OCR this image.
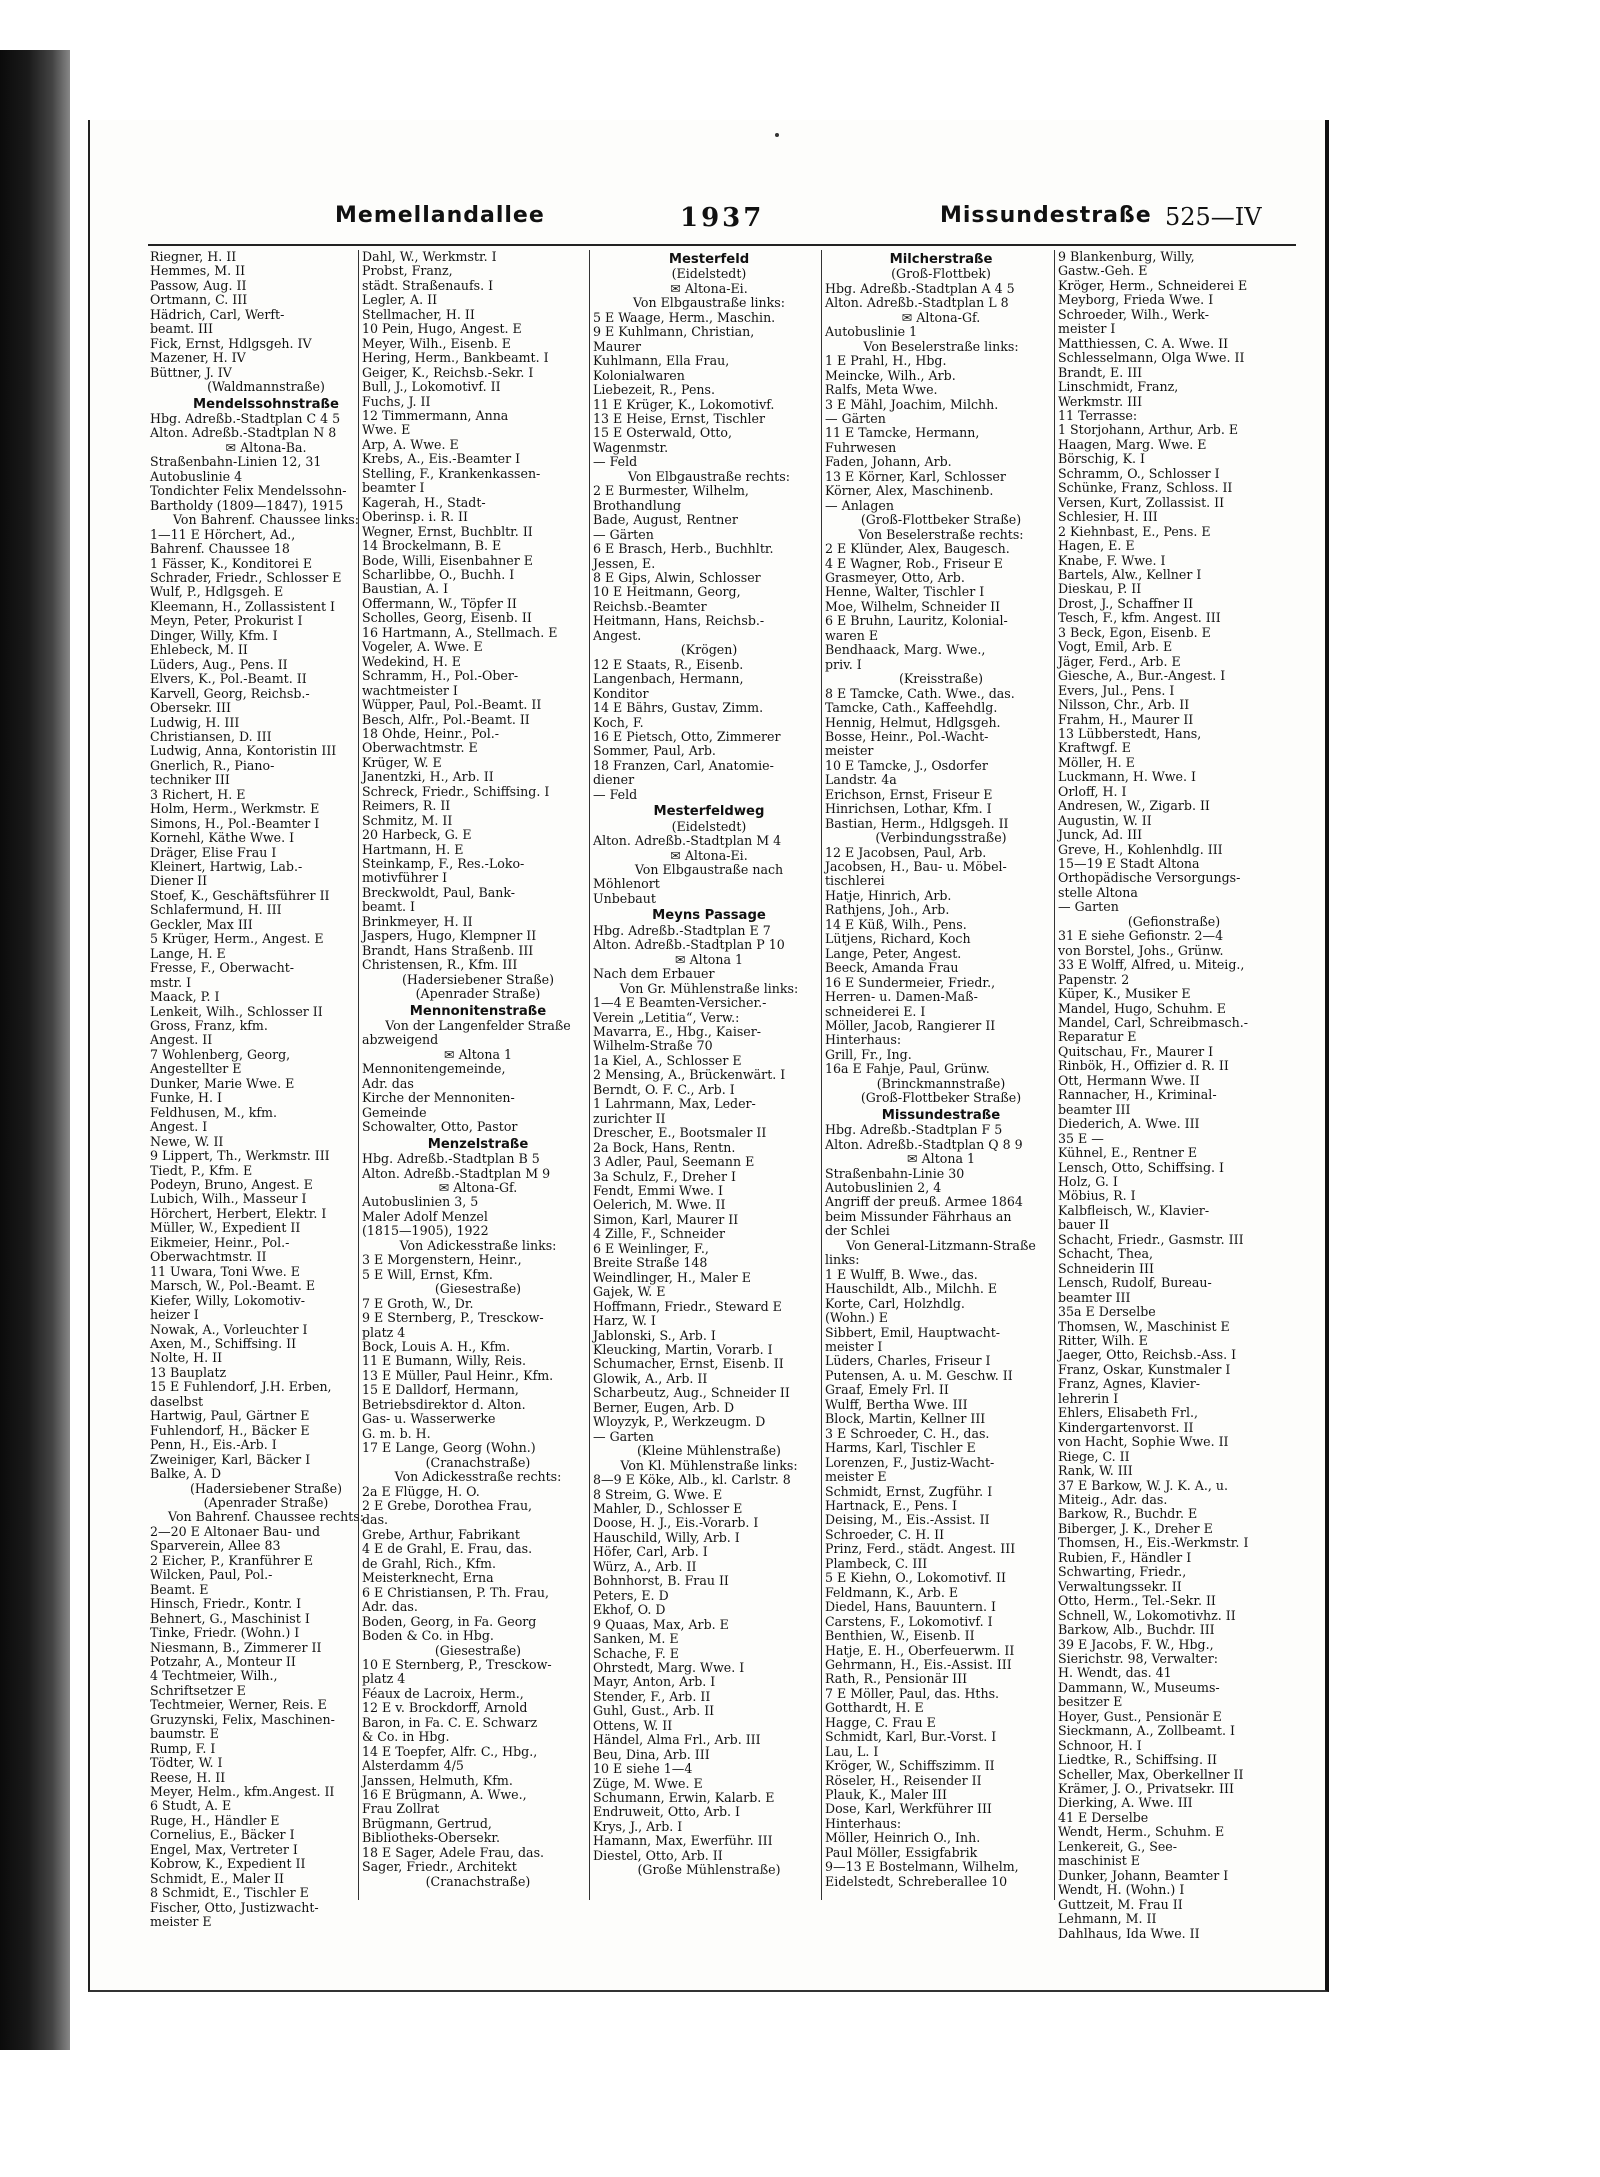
Memellandallee	1937	Missundestraße 525—IV

Riegner, H. II

Hemmes, M. II

Passow, Aug. II

Ortmann, C. III

Hädrich, Carl, Werft-

beamt. III

Fick, Ernst, Hdlgsgeh. IV

Mazener, H. IV

Büttner, J. IV

(Waldmannstraße)

Mendelssohnstraße

Hbg. Adreßb.-Stadtplan C 4 5

Alton. Adreßb.-Stadtplan N 8

✉ Altona-Ba.

Straßenbahn-Linien 12, 31

Autobuslinie 4

Tondichter Felix Mendelssohn-

Bartholdy (1809—1847), 1915

Von Bahrenf. Chaussee links:

1—11 E Hörchert, Ad.,

Bahrenf. Chaussee 18

1 Fässer, K., Konditorei E

Schrader, Friedr., Schlosser E

Wulf, P., Hdlgsgeh. E

Kleemann, H., Zollassistent I

Meyn, Peter, Prokurist I

Dinger, Willy, Kfm. I

Ehlebeck, M. II

Lüders, Aug., Pens. II

Elvers, K., Pol.-Beamt. II

Karvell, Georg, Reichsb.-

Obersekr. III

Ludwig, H. III

Christiansen, D. III

Ludwig, Anna, Kontoristin III

Gnerlich, R., Piano-

techniker III

3 Richert, H. E

Holm, Herm., Werkmstr. E

Simons, H., Pol.-Beamter I

Kornehl, Käthe Wwe. I

Dräger, Elise Frau I

Kleinert, Hartwig, Lab.-

Diener II

Stoef, K., Geschäftsführer II

Schlafermund, H. III

Geckler, Max III

5 Krüger, Herm., Angest. E

Lange, H. E

Fresse, F., Oberwacht-

mstr. I

Maack, P. I

Lenkeit, Wilh., Schlosser II

Gross, Franz, kfm.

Angest. II

7 Wohlenberg, Georg,

Angestellter E

Dunker, Marie Wwe. E

Funke, H. I

Feldhusen, M., kfm.

Angest. I

Newe, W. II

9 Lippert, Th., Werkmstr. III

Tiedt, P., Kfm. E

Podeyn, Bruno, Angest. E

Lubich, Wilh., Masseur I

Hörchert, Herbert, Elektr. I

Müller, W., Expedient II

Eikmeier, Heinr., Pol.-

Oberwachtmstr. II

11 Uwara, Toni Wwe. E

Marsch, W., Pol.-Beamt. E

Kiefer, Willy, Lokomotiv-

heizer I

Nowak, A., Vorleuchter I

Axen, M., Schiffsing. II

Nolte, H. II

13 Bauplatz

15 E Fuhlendorf, J.H. Erben,

daselbst

Hartwig, Paul, Gärtner E

Fuhlendorf, H., Bäcker E

Penn, H., Eis.-Arb. I

Zweiniger, Karl, Bäcker I

Balke, A. D

(Hadersiebener Straße)

(Apenrader Straße)

Von Bahrenf. Chaussee rechts:

2—20 E Altonaer Bau- und

Sparverein, Allee 83

2 Eicher, P., Kranführer E

Wilcken, Paul, Pol.-

Beamt. E

Hinsch, Friedr., Kontr. I

Behnert, G., Maschinist I

Tinke, Friedr. (Wohn.) I

Niesmann, B., Zimmerer II

Potzahr, A., Monteur II

4 Techtmeier, Wilh.,

Schriftsetzer E

Techtmeier, Werner, Reis. E

Gruzynski, Felix, Maschinen-

baumstr. E

Rump, F. I

Tödter, W. I

Reese, H. II

Meyer, Helm., kfm.Angest. II

6 Studt, A. E

Ruge, H., Händler E

Cornelius, E., Bäcker I

Engel, Max, Vertreter I

Kobrow, K., Expedient II

Schmidt, E., Maler II

8 Schmidt, E., Tischler E

Fischer, Otto, Justizwacht-

meister E

Dahl, W., Werkmstr. I

Probst, Franz,

städt. Straßenaufs. I

Legler, A. II

Stellmacher, H. II

10 Pein, Hugo, Angest. E

Meyer, Wilh., Eisenb. E

Hering, Herm., Bankbeamt. I

Geiger, K., Reichsb.-Sekr. I

Bull, J., Lokomotivf. II

Fuchs, J. II

12 Timmermann, Anna

Wwe. E

Arp, A. Wwe. E

Krebs, A., Eis.-Beamter I

Stelling, F., Krankenkassen-

beamter I

Kagerah, H., Stadt-

Oberinsp. i. R. II

Wegner, Ernst, Buchbltr. II

14 Brockelmann, B. E

Bode, Willi, Eisenbahner E

Scharlibbe, O., Buchh. I

Baustian, A. I

Offermann, W., Töpfer II

Scholles, Georg, Eisenb. II

16 Hartmann, A., Stellmach. E

Vogeler, A. Wwe. E

Wedekind, H. E

Schramm, H., Pol.-Ober-

wachtmeister I

Wüpper, Paul, Pol.-Beamt. II

Besch, Alfr., Pol.-Beamt. II

18 Ohde, Heinr., Pol.-

Oberwachtmstr. E

Krüger, W. E

Janentzki, H., Arb. II

Schreck, Friedr., Schiffsing. I

Reimers, R. II

Schmitz, M. II

20 Harbeck, G. E

Hartmann, H. E

Steinkamp, F., Res.-Loko-

motivführer I

Breckwoldt, Paul, Bank-

beamt. I

Brinkmeyer, H. II

Jaspers, Hugo, Klempner II

Brandt, Hans Straßenb. III

Christensen, R., Kfm. III

(Hadersiebener Straße)

(Apenrader Straße)

Mennonitenstraße

Von der Langenfelder Straße

abzweigend

✉ Altona 1

Mennonitengemeinde,

Adr. das

Kirche der Mennoniten-

Gemeinde

Schowalter, Otto, Pastor

Menzelstraße

Hbg. Adreßb.-Stadtplan B 5

Alton. Adreßb.-Stadtplan M 9

✉ Altona-Gf.

Autobuslinien 3, 5

Maler Adolf Menzel

(1815—1905), 1922

Von Adickesstraße links:

3 E Morgenstern, Heinr.,

5 E Will, Ernst, Kfm.

(Giesestraße)

7 E Groth, W., Dr.

9 E Sternberg, P., Tresckow-

platz 4

Bock, Louis A. H., Kfm.

11 E Bumann, Willy, Reis.

13 E Müller, Paul Heinr., Kfm.

15 E Dalldorf, Hermann,

Betriebsdirektor d. Alton.

Gas- u. Wasserwerke

G. m. b. H.

17 E Lange, Georg (Wohn.)

(Cranachstraße)

Von Adickesstraße rechts:

2a E Flügge, H. O.

2 E Grebe, Dorothea Frau,

das.

Grebe, Arthur, Fabrikant

4 E de Grahl, E. Frau, das.

de Grahl, Rich., Kfm.

Meisterknecht, Erna

6 E Christiansen, P. Th. Frau,

Adr. das.

Boden, Georg, in Fa. Georg

Boden & Co. in Hbg.

(Giesestraße)

10 E Sternberg, P., Tresckow-

platz 4

Féaux de Lacroix, Herm.,

12 E v. Brockdorff, Arnold

Baron, in Fa. C. E. Schwarz

& Co. in Hbg.

14 E Toepfer, Alfr. C., Hbg.,

Alsterdamm 4/5

Janssen, Helmuth, Kfm.

16 E Brügmann, A. Wwe.,

Frau Zollrat

Brügmann, Gertrud,

Bibliotheks-Obersekr.

18 E Sager, Adele Frau, das.

Sager, Friedr., Architekt

(Cranachstraße)

Mesterfeld

(Eidelstedt)

✉ Altona-Ei.

Von Elbgaustraße links:

5 E Waage, Herm., Maschin.

9 E Kuhlmann, Christian,

Maurer

Kuhlmann, Ella Frau,

Kolonialwaren

Liebezeit, R., Pens.

11 E Krüger, K., Lokomotivf.

13 E Heise, Ernst, Tischler

15 E Osterwald, Otto,

Wagenmstr.

— Feld

Von Elbgaustraße rechts:

2 E Burmester, Wilhelm,

Brothandlung

Bade, August, Rentner

— Gärten

6 E Brasch, Herb., Buchhltr.

Jessen, E.

8 E Gips, Alwin, Schlosser

10 E Heitmann, Georg,

Reichsb.-Beamter

Heitmann, Hans, Reichsb.-

Angest.

(Krögen)

12 E Staats, R., Eisenb.

Langenbach, Hermann,

Konditor

14 E Bährs, Gustav, Zimm.

Koch, F.

16 E Pietsch, Otto, Zimmerer

Sommer, Paul, Arb.

18 Franzen, Carl, Anatomie-

diener

— Feld

Mesterfeldweg

(Eidelstedt)

Alton. Adreßb.-Stadtplan M 4

✉ Altona-Ei.

Von Elbgaustraße nach

Möhlenort

Unbebaut

Meyns Passage

Hbg. Adreßb.-Stadtplan E 7

Alton. Adreßb.-Stadtplan P 10

✉ Altona 1

Nach dem Erbauer

Von Gr. Mühlenstraße links:

1—4 E Beamten-Versicher.-

Verein „Letitia“, Verw.:

Mavarra, E., Hbg., Kaiser-

Wilhelm-Straße 70

1a Kiel, A., Schlosser E

2 Mensing, A., Brückenwärt. I

Berndt, O. F. C., Arb. I

1 Lahrmann, Max, Leder-

zurichter II

Drescher, E., Bootsmaler II

2a Bock, Hans, Rentn.

3 Adler, Paul, Seemann E

3a Schulz, F., Dreher I

Fendt, Emmi Wwe. I

Oelerich, M. Wwe. II

Simon, Karl, Maurer II

4 Zille, F., Schneider

6 E Weinlinger, F.,

Breite Straße 148

Weindlinger, H., Maler E

Gajek, W. E

Hoffmann, Friedr., Steward E

Harz, W. I

Jablonski, S., Arb. I

Kleucking, Martin, Vorarb. I

Schumacher, Ernst, Eisenb. II

Glowik, A., Arb. II

Scharbeutz, Aug., Schneider II

Berner, Eugen, Arb. D

Wloyzyk, P., Werkzeugm. D

— Garten

(Kleine Mühlenstraße)

Von Kl. Mühlenstraße links:

8—9 E Köke, Alb., kl. Carlstr. 8

8 Streim, G. Wwe. E

Mahler, D., Schlosser E

Doose, H. J., Eis.-Vorarb. I

Hauschild, Willy, Arb. I

Höfer, Carl, Arb. I

Würz, A., Arb. II

Bohnhorst, B. Frau II

Peters, E. D

Ekhof, O. D

9 Quaas, Max, Arb. E

Sanken, M. E

Schache, F. E

Ohrstedt, Marg. Wwe. I

Mayr, Anton, Arb. I

Stender, F., Arb. II

Guhl, Gust., Arb. II

Ottens, W. II

Händel, Alma Frl., Arb. III

Beu, Dina, Arb. III

10 E siehe 1—4

Züge, M. Wwe. E

Schumann, Erwin, Kalarb. E

Endruweit, Otto, Arb. I

Krys, J., Arb. I

Hamann, Max, Ewerführ. III

Diestel, Otto, Arb. II

(Große Mühlenstraße)

Milcherstraße

(Groß-Flottbek)

Hbg. Adreßb.-Stadtplan A 4 5

Alton. Adreßb.-Stadtplan L 8

✉ Altona-Gf.

Autobuslinie 1

Von Beselerstraße links:

1 E Prahl, H., Hbg.

Meincke, Wilh., Arb.

Ralfs, Meta Wwe.

3 E Mähl, Joachim, Milchh.

— Gärten

11 E Tamcke, Hermann,

Fuhrwesen

Faden, Johann, Arb.

13 E Körner, Karl, Schlosser

Körner, Alex, Maschinenb.

— Anlagen

(Groß-Flottbeker Straße)

Von Beselerstraße rechts:

2 E Klünder, Alex, Baugesch.

4 E Wagner, Rob., Friseur E

Grasmeyer, Otto, Arb.

Henne, Walter, Tischler I

Moe, Wilhelm, Schneider II

6 E Bruhn, Lauritz, Kolonial-

waren E

Bendhaack, Marg. Wwe.,

priv. I

(Kreisstraße)

8 E Tamcke, Cath. Wwe., das.

Tamcke, Cath., Kaffeehdlg.

Hennig, Helmut, Hdlgsgeh.

Bosse, Heinr., Pol.-Wacht-

meister

10 E Tamcke, J., Osdorfer

Landstr. 4a

Erichson, Ernst, Friseur E

Hinrichsen, Lothar, Kfm. I

Bastian, Herm., Hdlgsgeh. II

(Verbindungsstraße)

12 E Jacobsen, Paul, Arb.

Jacobsen, H., Bau- u. Möbel-

tischlerei

Hatje, Hinrich, Arb.

Rathjens, Joh., Arb.

14 E Küß, Wilh., Pens.

Lütjens, Richard, Koch

Lange, Peter, Angest.

Beeck, Amanda Frau

16 E Sundermeier, Friedr.,

Herren- u. Damen-Maß-

schneiderei E. I

Möller, Jacob, Rangierer II

Hinterhaus:

Grill, Fr., Ing.

16a E Fahje, Paul, Grünw.

(Brinckmannstraße)

(Groß-Flottbeker Straße)

Missundestraße

Hbg. Adreßb.-Stadtplan F 5

Alton. Adreßb.-Stadtplan Q 8 9

✉ Altona 1

Straßenbahn-Linie 30

Autobuslinien 2, 4

Angriff der preuß. Armee 1864

beim Missunder Fährhaus an

der Schlei

Von General-Litzmann-Straße

links:

1 E Wulff, B. Wwe., das.

Hauschildt, Alb., Milchh. E

Korte, Carl, Holzhdlg.

(Wohn.) E

Sibbert, Emil, Hauptwacht-

meister I

Lüders, Charles, Friseur I

Putensen, A. u. M. Geschw. II

Graaf, Emely Frl. II

Wulff, Bertha Wwe. III

Block, Martin, Kellner III

3 E Schroeder, C. H., das.

Harms, Karl, Tischler E

Lorenzen, F., Justiz-Wacht-

meister E

Schmidt, Ernst, Zugführ. I

Hartnack, E., Pens. I

Deising, M., Eis.-Assist. II

Schroeder, C. H. II

Prinz, Ferd., städt. Angest. III

Plambeck, C. III

5 E Kiehn, O., Lokomotivf. II

Feldmann, K., Arb. E

Diedel, Hans, Bauuntern. I

Carstens, F., Lokomotivf. I

Benthien, W., Eisenb. II

Hatje, E. H., Oberfeuerwm. II

Gehrmann, H., Eis.-Assist. III

Rath, R., Pensionär III

7 E Möller, Paul, das. Hths.

Gotthardt, H. E

Hagge, C. Frau E

Schmidt, Karl, Bur.-Vorst. I

Lau, L. I

Kröger, W., Schiffszimm. II

Röseler, H., Reisender II

Plauk, K., Maler III

Dose, Karl, Werkführer III

Hinterhaus:

Möller, Heinrich O., Inh.

Paul Möller, Essigfabrik

9—13 E Bostelmann, Wilhelm,

Eidelstedt, Schreberallee 10

9 Blankenburg, Willy,

Gastw.-Geh. E

Kröger, Herm., Schneiderei E

Meyborg, Frieda Wwe. I

Schroeder, Wilh., Werk-

meister I

Matthiessen, C. A. Wwe. II

Schlesselmann, Olga Wwe. II

Brandt, E. III

Linschmidt, Franz,

Werkmstr. III

11 Terrasse:

1 Storjohann, Arthur, Arb. E

Haagen, Marg. Wwe. E

Börschig, K. I

Schramm, O., Schlosser I

Schünke, Franz, Schloss. II

Versen, Kurt, Zollassist. II

Schlesier, H. III

2 Kiehnbast, E., Pens. E

Hagen, E. E

Knabe, F. Wwe. I

Bartels, Alw., Kellner I

Dieskau, P. II

Drost, J., Schaffner II

Tesch, F., kfm. Angest. III

3 Beck, Egon, Eisenb. E

Vogt, Emil, Arb. E

Jäger, Ferd., Arb. E

Giesche, A., Bur.-Angest. I

Evers, Jul., Pens. I

Nilsson, Chr., Arb. II

Frahm, H., Maurer II

13 Lübberstedt, Hans,

Kraftwgf. E

Möller, H. E

Luckmann, H. Wwe. I

Orloff, H. I

Andresen, W., Zigarb. II

Augustin, W. II

Junck, Ad. III

Greve, H., Kohlenhdlg. III

15—19 E Stadt Altona

Orthopädische Versorgungs-

stelle Altona

— Garten

(Gefionstraße)

31 E siehe Gefionstr. 2—4

von Borstel, Johs., Grünw.

33 E Wolff, Alfred, u. Miteig.,

Papenstr. 2

Küper, K., Musiker E

Mandel, Hugo, Schuhm. E

Mandel, Carl, Schreibmasch.-

Reparatur E

Quitschau, Fr., Maurer I

Rinbök, H., Offizier d. R. II

Ott, Hermann Wwe. II

Rannacher, H., Kriminal-

beamter III

Diederich, A. Wwe. III

35 E —

Kühnel, E., Rentner E

Lensch, Otto, Schiffsing. I

Holz, G. I

Möbius, R. I

Kalbfleisch, W., Klavier-

bauer II

Schacht, Friedr., Gasmstr. III

Schacht, Thea,

Schneiderin III

Lensch, Rudolf, Bureau-

beamter III

35a E Derselbe

Thomsen, W., Maschinist E

Ritter, Wilh. E

Jaeger, Otto, Reichsb.-Ass. I

Franz, Oskar, Kunstmaler I

Franz, Agnes, Klavier-

lehrerin I

Ehlers, Elisabeth Frl.,

Kindergartenvorst. II

von Hacht, Sophie Wwe. II

Riege, C. II

Rank, W. III

37 E Barkow, W. J. K. A., u.

Miteig., Adr. das.

Barkow, R., Buchdr. E

Biberger, J. K., Dreher E

Thomsen, H., Eis.-Werkmstr. I

Rubien, F., Händler I

Schwarting, Friedr.,

Verwaltungssekr. II

Otto, Herm., Tel.-Sekr. II

Schnell, W., Lokomotivhz. II

Barkow, Alb., Buchdr. III

39 E Jacobs, F. W., Hbg.,

Sierichstr. 98, Verwalter:

H. Wendt, das. 41

Dammann, W., Museums-

besitzer E

Hoyer, Gust., Pensionär E

Sieckmann, A., Zollbeamt. I

Schnoor, H. I

Liedtke, R., Schiffsing. II

Scheller, Max, Oberkellner II

Krämer, J. O., Privatsekr. III

Dierking, A. Wwe. III

41 E Derselbe

Wendt, Herm., Schuhm. E

Lenkereit, G., See-

maschinist E

Dunker, Johann, Beamter I

Wendt, H. (Wohn.) I

Guttzeit, M. Frau II

Lehmann, M. II

Dahlhaus, Ida Wwe. II
